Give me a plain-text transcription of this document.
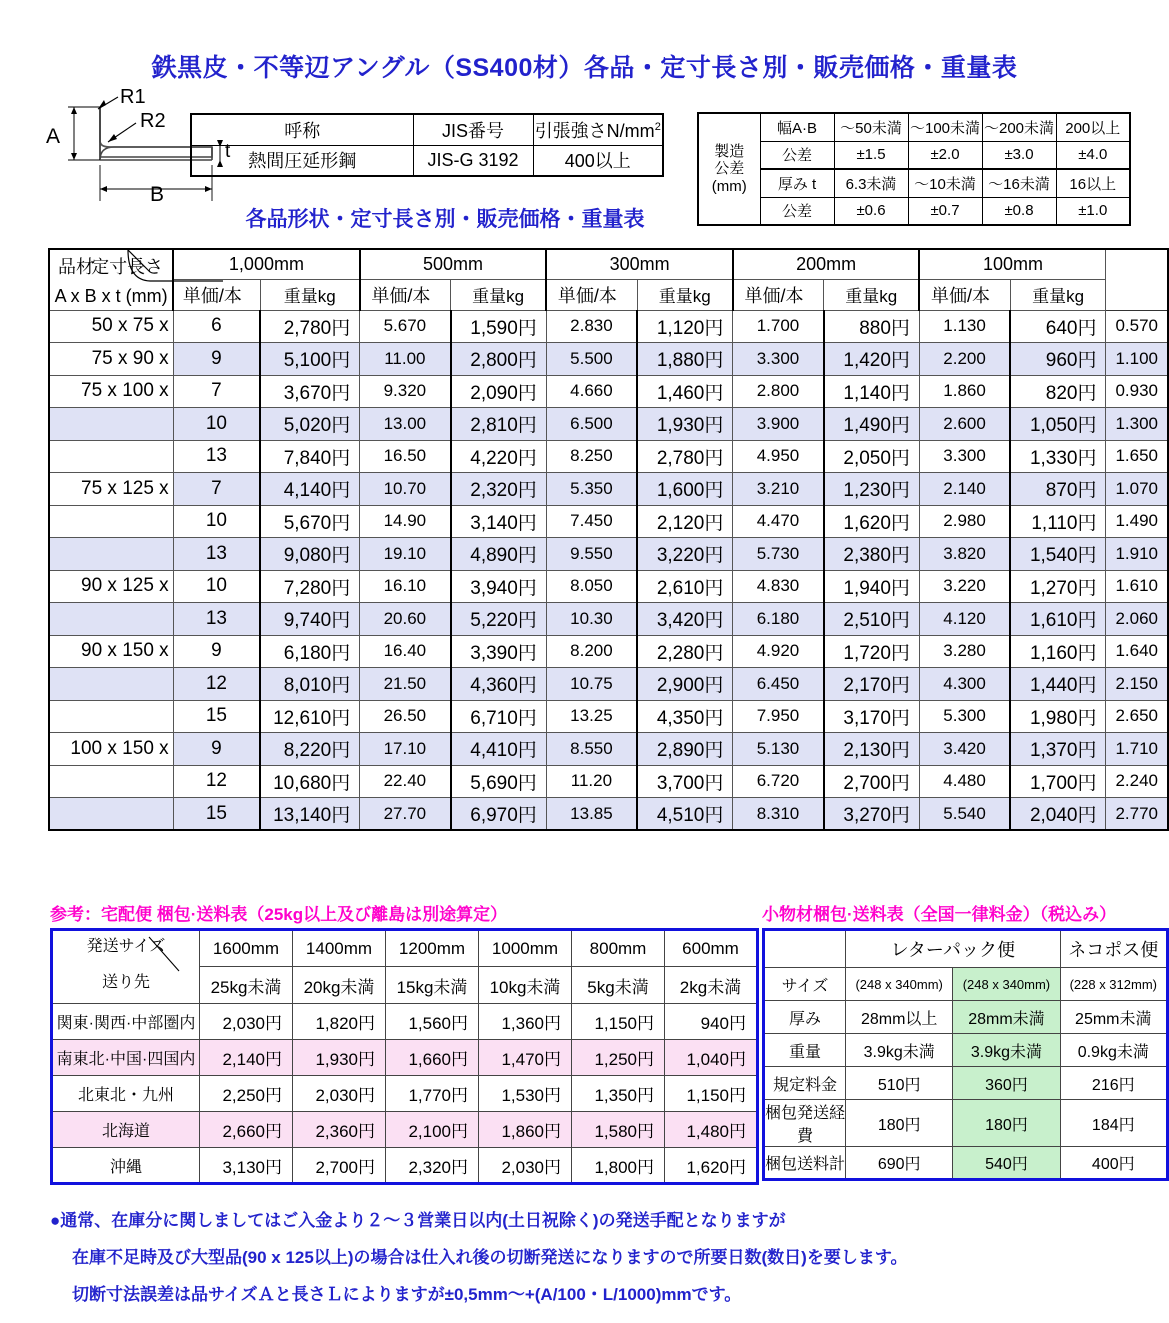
鉄黒皮・不等辺アングル（SS400材）各品・定寸長さ別・販売価格・重量表
R1
R2
A
B
t
呼称	JIS番号	引張強さ$N/mm^2$
熱間圧延形鋼	JIS-G 3192	400以上	製造
公差
(mm)	幅A·B	～50未満	～100未満	～200未満	200以上
	公差	±1.5	±2.0	±3.0	±4.0
	厚み t	6.3未満	～10未満	～16未満	16以上
	公差	±0.6	±0.7	±0.8	±1.0
各品形状・定寸長さ別・販売価格・重量表
品材
定寸長さ
A x B x t (mm)	1,000mm		500mm		300mm		200mm		100mm		
	単価/本	重量kg	単価/本	重量kg	単価/本	重量kg	単価/本	重量kg	単価/本	重量kg	
50 x 75 x	6	2,780円	5.670	1,590円	2.830	1,120円	1.700	880円	1.130	640円	0.570
75 x 90 x	9	5,100円	11.00	2,800円	5.500	1,880円	3.300	1,420円	2.200	960円	1.100
75 x 100 x	7	3,670円	9.320	2,090円	4.660	1,460円	2.800	1,140円	1.860	820円	0.930
	10	5,020円	13.00	2,810円	6.500	1,930円	3.900	1,490円	2.600	1,050円	1.300
	13	7,840円	16.50	4,220円	8.250	2,780円	4.950	2,050円	3.300	1,330円	1.650
75 x 125 x	7	4,140円	10.70	2,320円	5.350	1,600円	3.210	1,230円	2.140	870円	1.070
	10	5,670円	14.90	3,140円	7.450	2,120円	4.470	1,620円	2.980	1,110円	1.490
	13	9,080円	19.10	4,890円	9.550	3,220円	5.730	2,380円	3.820	1,540円	1.910
90 x 125 x	10	7,280円	16.10	3,940円	8.050	2,610円	4.830	1,940円	3.220	1,270円	1.610
	13	9,740円	20.60	5,220円	10.30	3,420円	6.180	2,510円	4.120	1,610円	2.060
90 x 150 x	9	6,180円	16.40	3,390円	8.200	2,280円	4.920	1,720円	3.280	1,160円	1.640
	12	8,010円	21.50	4,360円	10.75	2,900円	6.450	2,170円	4.300	1,440円	2.150
	15	12,610円	26.50	6,710円	13.25	4,350円	7.950	3,170円	5.300	1,980円	2.650
100 x 150 x	9	8,220円	17.10	4,410円	8.550	2,890円	5.130	2,130円	3.420	1,370円	1.710
	12	10,680円	22.40	5,690円	11.20	3,700円	6.720	2,700円	4.480	1,700円	2.240
	15	13,140円	27.70	6,970円	13.85	4,510円	8.310	3,270円	5.540	2,040円	2.770
参考：宅配便 梱包·送料表（25kg以上及び離島は別途算定）
発送サイズ
送り先	1600mm	1400mm	1200mm	1000mm	800mm	600mm
	25kg未満	20kg未満	15kg未満	10kg未満	5kg未満	2kg未満
関東·関西·中部圏内	2,030円	1,820円	1,560円	1,360円	1,150円	940円
南東北·中国·四国内	2,140円	1,930円	1,660円	1,470円	1,250円	1,040円
北東北・九州	2,250円	2,030円	1,770円	1,530円	1,350円	1,150円
北海道	2,660円	2,360円	2,100円	1,860円	1,580円	1,480円
沖縄	3,130円	2,700円	2,320円	2,030円	1,800円	1,620円
小物材梱包·送料表（全国一律料金）（税込み）
	レターパック便		ネコポス便
サイズ	(248 x 340mm)	(248 x 340mm)	(228 x 312mm)
厚み	28mm以上	28mm未満	25mm未満
重量	3.9kg未満	3.9kg未満	0.9kg未満
規定料金	510円	360円	216円
梱包発送経費	180円	180円	184円
梱包送料計	690円	540円	400円
●通常、在庫分に関しましてはご入金より２～３営業日以内(土日祝除く)の発送手配となりますが
在庫不足時及び大型品(90 x 125以上)の場合は仕入れ後の切断発送になりますので所要日数(数日)を要します。
切断寸法誤差は品サイズＡと長さＬによりますが±0,5mm～+(A/100・L/1000)mmです。
